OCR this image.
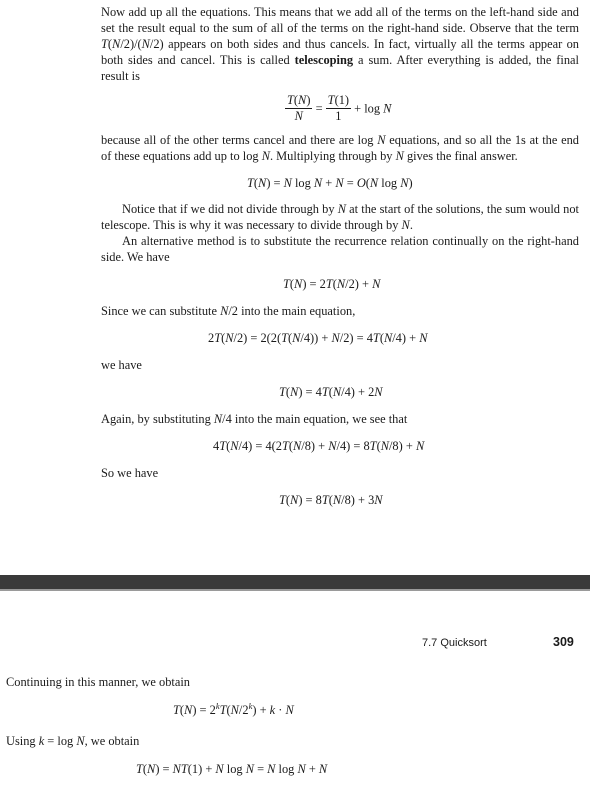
Now add up all the equations. This means that we add all of the terms on the left-hand side and set the result equal to the sum of all of the terms on the right-hand side. Observe that the term T(N/2)/(N/2) appears on both sides and thus cancels. In fact, virtually all the terms appear on both sides and cancel. This is called telescoping a sum. After everything is added, the final result is
$\frac{T(N)}{N} = \frac{T(1)}{1} + \log N$
because all of the other terms cancel and there are log N equations, and so all the 1s at the end of these equations add up to log N. Multiplying through by N gives the final answer.
T(N) = N log N + N = O(N log N)
Notice that if we did not divide through by N at the start of the solutions, the sum would not telescope. This is why it was necessary to divide through by N.
An alternative method is to substitute the recurrence relation continually on the right-hand side. We have
T(N) = 2T(N/2) + N
Since we can substitute N/2 into the main equation,
2T(N/2) = 2(2(T(N/4)) + N/2) = 4T(N/4) + N
we have
T(N) = 4T(N/4) + 2N
Again, by substituting N/4 into the main equation, we see that
4T(N/4) = 4(2T(N/8) + N/4) = 8T(N/8) + N
So we have
T(N) = 8T(N/8) + 3N
7.7 Quicksort	309
Continuing in this manner, we obtain
$T(N) = 2^kT(N/2^k) + k \cdot N$
Using k = log N, we obtain
T(N) = NT(1) + N log N = N log N + N
